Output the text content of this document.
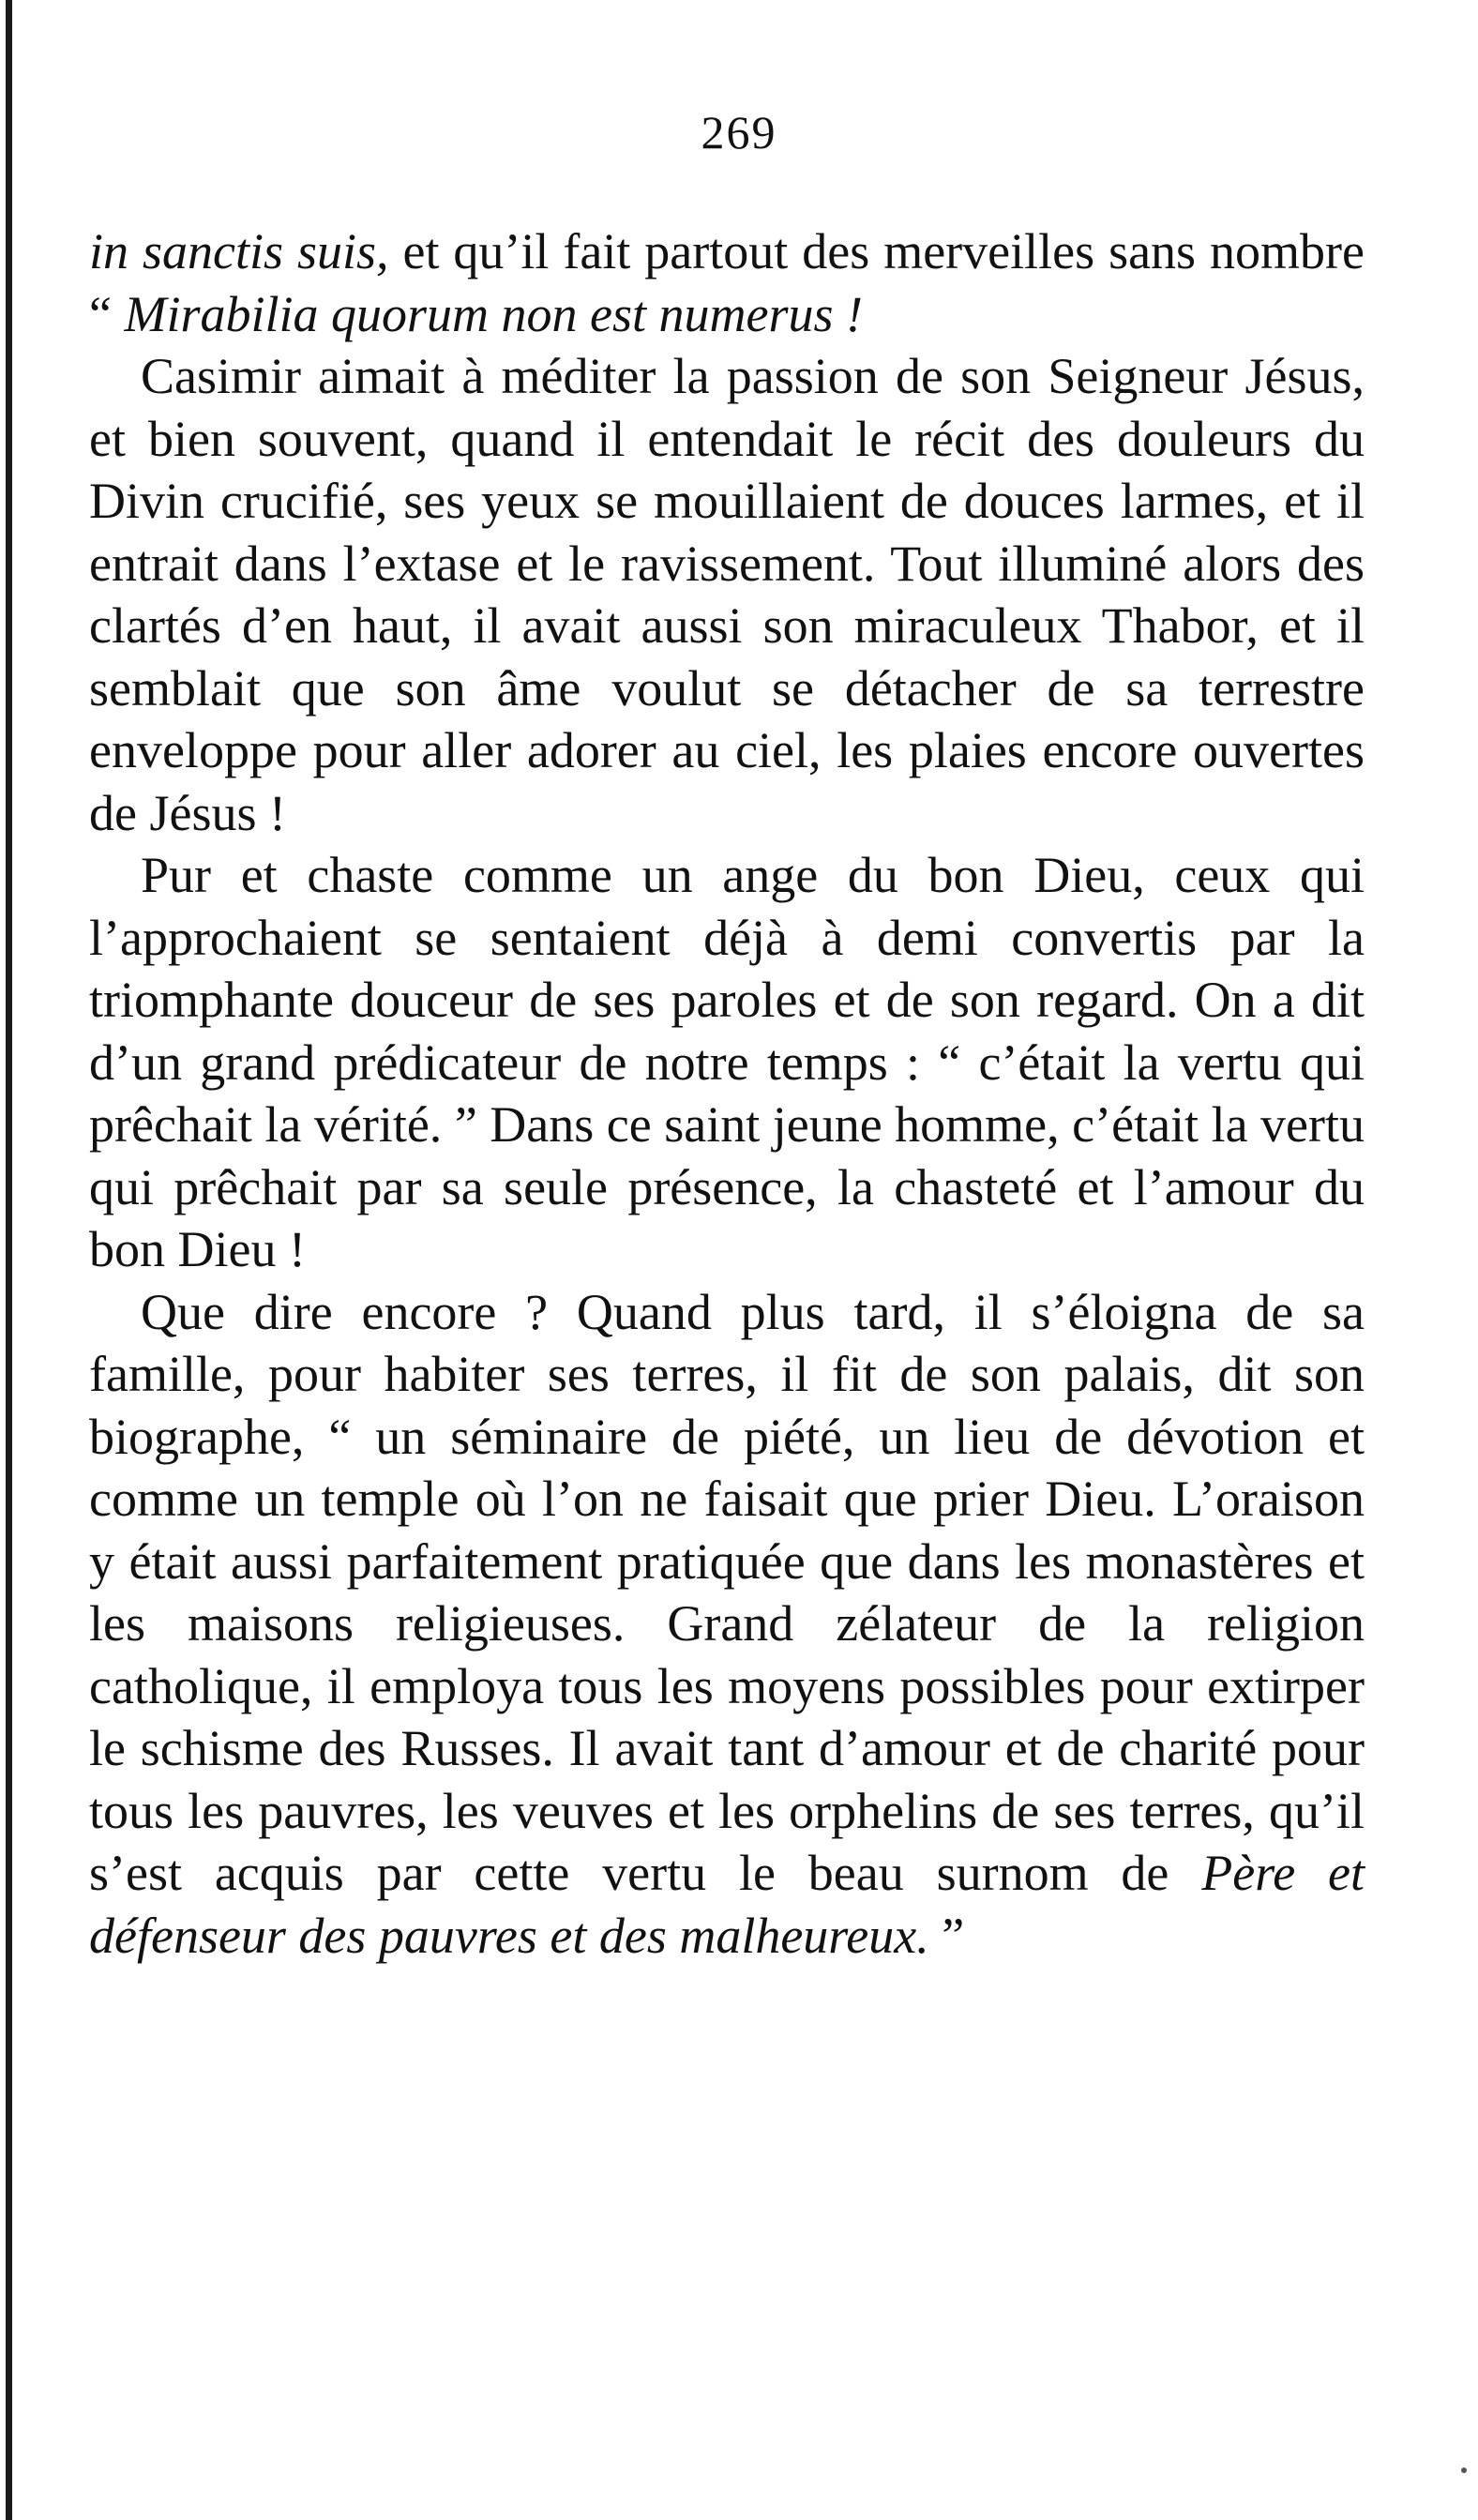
269

in sanctis suis, et qu’il fait partout des merveilles sans nombre “ Mirabilia quorum non est numerus !

Casimir aimait à méditer la passion de son Seigneur Jésus, et bien souvent, quand il entendait le récit des douleurs du Divin crucifié, ses yeux se mouillaient de douces larmes, et il entrait dans l’extase et le ravissement. Tout illuminé alors des clartés d’en haut, il avait aussi son miraculeux Thabor, et il semblait que son âme voulut se détacher de sa terrestre enveloppe pour aller adorer au ciel, les plaies encore ouvertes de Jésus !

Pur et chaste comme un ange du bon Dieu, ceux qui l’approchaient se sentaient déjà à demi convertis par la triomphante douceur de ses paroles et de son regard. On a dit d’un grand prédicateur de notre temps : “ c’était la vertu qui prêchait la vérité. ” Dans ce saint jeune homme, c’était la vertu qui prêchait par sa seule présence, la chasteté et l’amour du bon Dieu !

Que dire encore ? Quand plus tard, il s’éloigna de sa famille, pour habiter ses terres, il fit de son palais, dit son biographe, “ un séminaire de piété, un lieu de dévotion et comme un temple où l’on ne faisait que prier Dieu. L’oraison y était aussi parfaitement pratiquée que dans les monastères et les maisons religieuses. Grand zélateur de la religion catholique, il employa tous les moyens possibles pour extirper le schisme des Russes. Il avait tant d’amour et de charité pour tous les pauvres, les veuves et les orphelins de ses terres, qu’il s’est acquis par cette vertu le beau surnom de Père et défenseur des pauvres et des malheureux. ”
